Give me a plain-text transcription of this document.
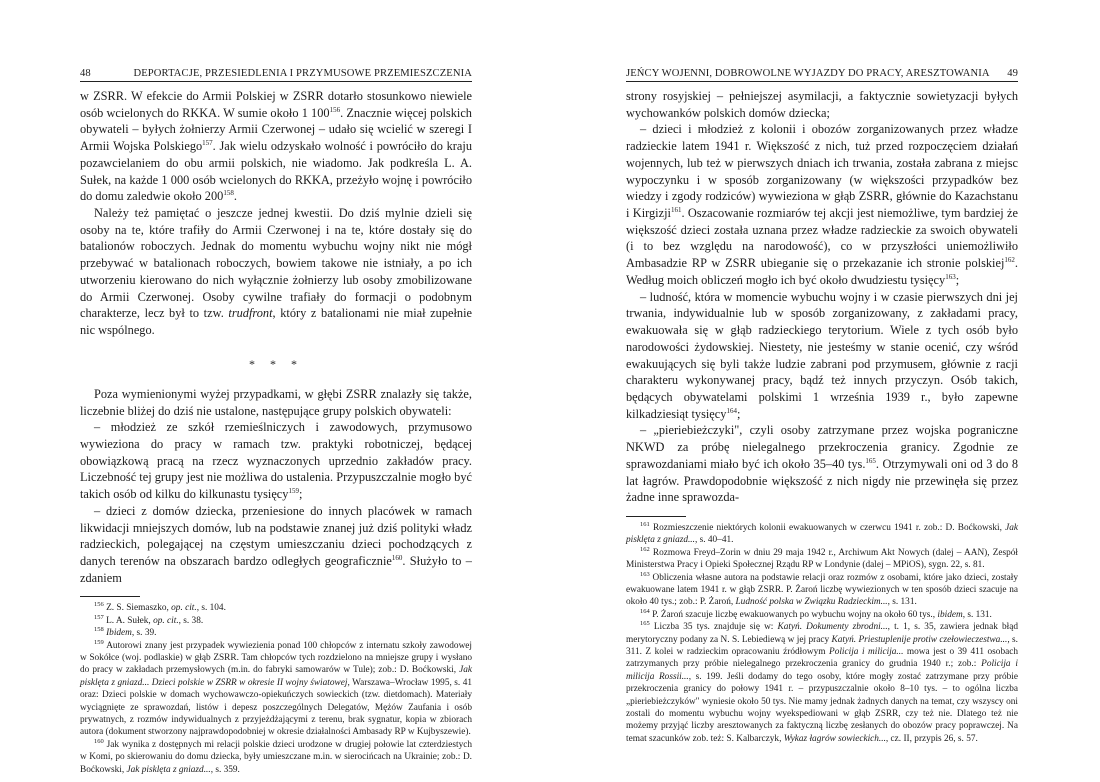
48	DEPORTACJE, PRZESIEDLENIA I PRZYMUSOWE PRZEMIESZCZENIA

w ZSRR. W efekcie do Armii Polskiej w ZSRR dotarło stosunkowo niewiele osób wcielonych do RKKA. W sumie około 1 $100^{156}$. Znacznie więcej polskich obywateli – byłych żołnierzy Armii Czerwonej – udało się wcielić w szeregi I Armii Wojska Polskiego$^{157}$. Jak wielu odzyskało wolność i powróciło do kraju pozawcielaniem do obu armii polskich, nie wiadomo. Jak podkreśla L. A. Sułek, na każde 1 000 osób wcielonych do RKKA, przeżyło wojnę i powróciło do domu zaledwie około $200^{158}$.

Należy też pamiętać o jeszcze jednej kwestii. Do dziś mylnie dzieli się osoby na te, które trafiły do Armii Czerwonej i na te, które dostały się do batalionów roboczych. Jednak do momentu wybuchu wojny nikt nie mógł przebywać w batalionach roboczych, bowiem takowe nie istniały, a po ich utworzeniu kierowano do nich wyłącznie żołnierzy lub osoby zmobilizowane do Armii Czerwonej. Osoby cywilne trafiały do formacji o podobnym charakterze, lecz był to tzw. trudfront, który z batalionami nie miał zupełnie nic wspólnego.

* * *

Poza wymienionymi wyżej przypadkami, w głębi ZSRR znalazły się także, liczebnie bliżej do dziś nie ustalone, następujące grupy polskich obywateli:

– młodzież ze szkół rzemieślniczych i zawodowych, przymusowo wywieziona do pracy w ramach tzw. praktyki robotniczej, będącej obowiązkową pracą na rzecz wyznaczonych uprzednio zakładów pracy. Liczebność tej grupy jest nie możliwa do ustalenia. Przypuszczalnie mogło być takich osób od kilku do kilkunastu tysięcy$^{159}$;

– dzieci z domów dziecka, przeniesione do innych placówek w ramach likwidacji mniejszych domów, lub na podstawie znanej już dziś polityki władz radzieckich, polegającej na częstym umieszczaniu dzieci pochodzących z danych terenów na obszarach bardzo odległych geograficznie$^{160}$. Służyło to – zdaniem

$^{156}$ Z. S. Siemaszko, op. cit., s. 104.

$^{157}$ L. A. Sułek, op. cit., s. 38.

$^{158}$ Ibidem, s. 39.

$^{159}$ Autorowi znany jest przypadek wywiezienia ponad 100 chłopców z internatu szkoły zawodowej w Sokółce (woj. podlaskie) w głąb ZSRR. Tam chłopców tych rozdzielono na mniejsze grupy i wysłano do pracy w zakładach przemysłowych (m.in. do fabryki samowarów w Tule); zob.: D. Boćkowski, Jak pisklęta z gniazd... Dzieci polskie w ZSRR w okresie II wojny światowej, Warszawa–Wrocław 1995, s. 41 oraz: Dzieci polskie w domach wychowawczo-opiekuńczych sowieckich (tzw. dietdomach). Materiały wyciągnięte ze sprawozdań, listów i depesz poszczególnych Delegatów, Mężów Zaufania i osób prywatnych, z rozmów indywidualnych z przyjeżdżającymi z terenu, brak sygnatur, kopia w zbiorach autora (dokument stworzony najprawdopodobniej w okresie działalności Ambasady RP w Kujbyszewie).

$^{160}$ Jak wynika z dostępnych mi relacji polskie dzieci urodzone w drugiej połowie lat czterdziestych w Komi, po skierowaniu do domu dziecka, były umieszczane m.in. w sierocińcach na Ukrainie; zob.: D. Boćkowski, Jak pisklęta z gniazd..., s. 359.

JEŃCY WOJENNI, DOBROWOLNE WYJAZDY DO PRACY, ARESZTOWANIA 49

strony rosyjskiej – pełniejszej asymilacji, a faktycznie sowietyzacji byłych wychowanków polskich domów dziecka;

– dzieci i młodzież z kolonii i obozów zorganizowanych przez władze radzieckie latem 1941 r. Większość z nich, tuż przed rozpoczęciem działań wojennych, lub też w pierwszych dniach ich trwania, została zabrana z miejsc wypoczynku i w sposób zorganizowany (w większości przypadków bez wiedzy i zgody rodziców) wywieziona w głąb ZSRR, głównie do Kazachstanu i Kirgizji$^{161}$. Oszacowanie rozmiarów tej akcji jest niemożliwe, tym bardziej że większość dzieci została uznana przez władze radzieckie za swoich obywateli (i to bez względu na narodowość), co w przyszłości uniemożliwiło Ambasadzie RP w ZSRR ubieganie się o przekazanie ich stronie polskiej$^{162}$. Według moich obliczeń mogło ich być około dwudziestu tysięcy$^{163}$;

– ludność, która w momencie wybuchu wojny i w czasie pierwszych dni jej trwania, indywidualnie lub w sposób zorganizowany, z zakładami pracy, ewakuowała się w głąb radzieckiego terytorium. Wiele z tych osób było narodowości żydowskiej. Niestety, nie jesteśmy w stanie ocenić, czy wśród ewakuujących się byli także ludzie zabrani pod przymusem, głównie z racji charakteru wykonywanej pracy, bądź też innych przyczyn. Osób takich, będących obywatelami polskimi 1 września 1939 r., było zapewne kilkadziesiąt tysięcy$^{164}$;

– „pieriebieżczyki", czyli osoby zatrzymane przez wojska pograniczne NKWD za próbę nielegalnego przekroczenia granicy. Zgodnie ze sprawozdaniami miało być ich około 35–40 tys.$^{165}$. Otrzymywali oni od 3 do 8 lat łagrów. Prawdopodobnie większość z nich nigdy nie przewinęła się przez żadne inne sprawozda-

$^{161}$ Rozmieszczenie niektórych kolonii ewakuowanych w czerwcu 1941 r. zob.: D. Boćkowski, Jak pisklęta z gniazd..., s. 40–41.

$^{162}$ Rozmowa Freyd–Zorin w dniu 29 maja 1942 r., Archiwum Akt Nowych (dalej – AAN), Zespół Ministerstwa Pracy i Opieki Społecznej Rządu RP w Londynie (dalej – MPiOS), sygn. 22, s. 81.

$^{163}$ Obliczenia własne autora na podstawie relacji oraz rozmów z osobami, które jako dzieci, zostały ewakuowane latem 1941 r. w głąb ZSRR. P. Żaroń liczbę wywiezionych w ten sposób dzieci szacuje na około 40 tys.; zob.: P. Żaroń, Ludność polska w Związku Radzieckim..., s. 131.

$^{164}$ P. Żaroń szacuje liczbę ewakuowanych po wybuchu wojny na około 60 tys., ibidem, s. 131.

$^{165}$ Liczba 35 tys. znajduje się w: Katyń. Dokumenty zbrodni..., t. 1, s. 35, zawiera jednak błąd merytoryczny podany za N. S. Lebiediewą w jej pracy Katyń. Priestuplenije protiw czełowieczestwa..., s. 311. Z kolei w radzieckim opracowaniu źródłowym Policija i milicija... mowa jest o 39 411 osobach zatrzymanych przy próbie nielegalnego przekroczenia granicy do grudnia 1940 r.; zob.: Policija i milicija Rossii..., s. 199. Jeśli dodamy do tego osoby, które mogły zostać zatrzymane przy próbie przekroczenia granicy do połowy 1941 r. – przypuszczalnie około 8–10 tys. – to ogólna liczba „pieriebieżczyków" wyniesie około 50 tys. Nie mamy jednak żadnych danych na temat, czy wszyscy oni zostali do momentu wybuchu wojny wyekspediowani w głąb ZSRR, czy też nie. Dlatego też nie możemy przyjąć liczby aresztowanych za faktyczną liczbę zesłanych do obozów pracy poprawczej. Na temat szacunków zob. też: S. Kalbarczyk, Wykaz łagrów sowieckich..., cz. II, przypis 26, s. 57.
